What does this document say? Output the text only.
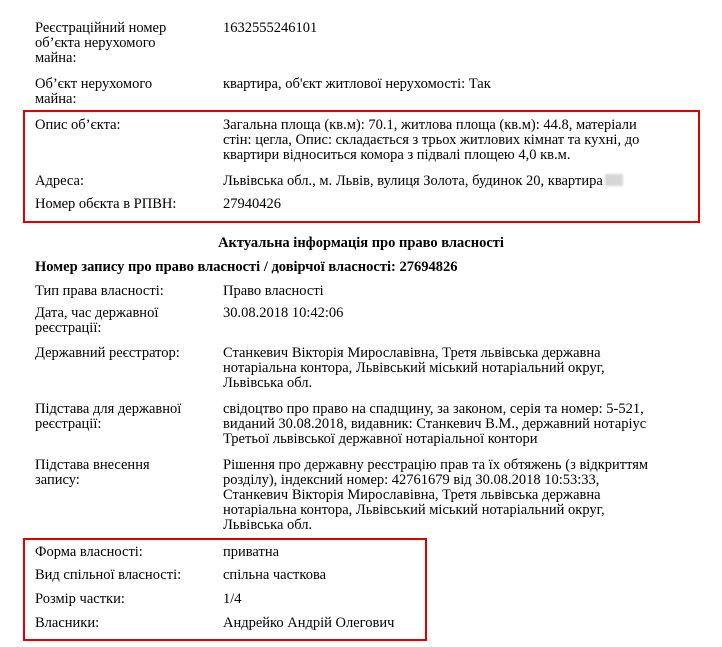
Реєстраційний номер
об’єкта нерухомого
майна:
1632555246101
Об’єкт нерухомого
майна:
квартира, об'єкт житлової нерухомості: Так
Опис об’єкта:	Загальна площа (кв.м): 70.1, житлова площа (кв.м): 44.8, матеріали
стін: цегла, Опис: складається з трьох житлових кімнат та кухні, до
квартири відноситься комора з підвалі площею 4,0 кв.м.
Адреса:	Львівська обл., м. Львів, вулиця Золота, будинок 20, квартира
Номер обєкта в РПВН:	27940426
Актуальна інформація про право власності
Номер запису про право власності / довірчої власності: 27694826
Тип права власності:	Право власності
Дата, час державної
реєстрації:
30.08.2018 10:42:06
Державний реєстратор:	Станкевич Вікторія Мирославівна, Третя львівська державна
нотаріальна контора, Львівський міський нотаріальний округ,
Львівська обл.
Підстава для державної
реєстрації:
свідоцтво про право на спадщину, за законом, серія та номер: 5-521,
виданий 30.08.2018, видавник: Станкевич В.М., державний нотаріус
Третьої львівської державної нотаріальної контори
Підстава внесення
запису:
Рішення про державну реєстрацію прав та їх обтяжень (з відкриттям
розділу), індексний номер: 42761679 від 30.08.2018 10:53:33,
Станкевич Вікторія Мирославівна, Третя львівська державна
нотаріальна контора, Львівський міський нотаріальний округ,
Львівська обл.
Форма власності:	приватна
Вид спільної власності:	спільна часткова
Розмір частки:	1/4
Власники:	Андрейко Андрій Олегович
